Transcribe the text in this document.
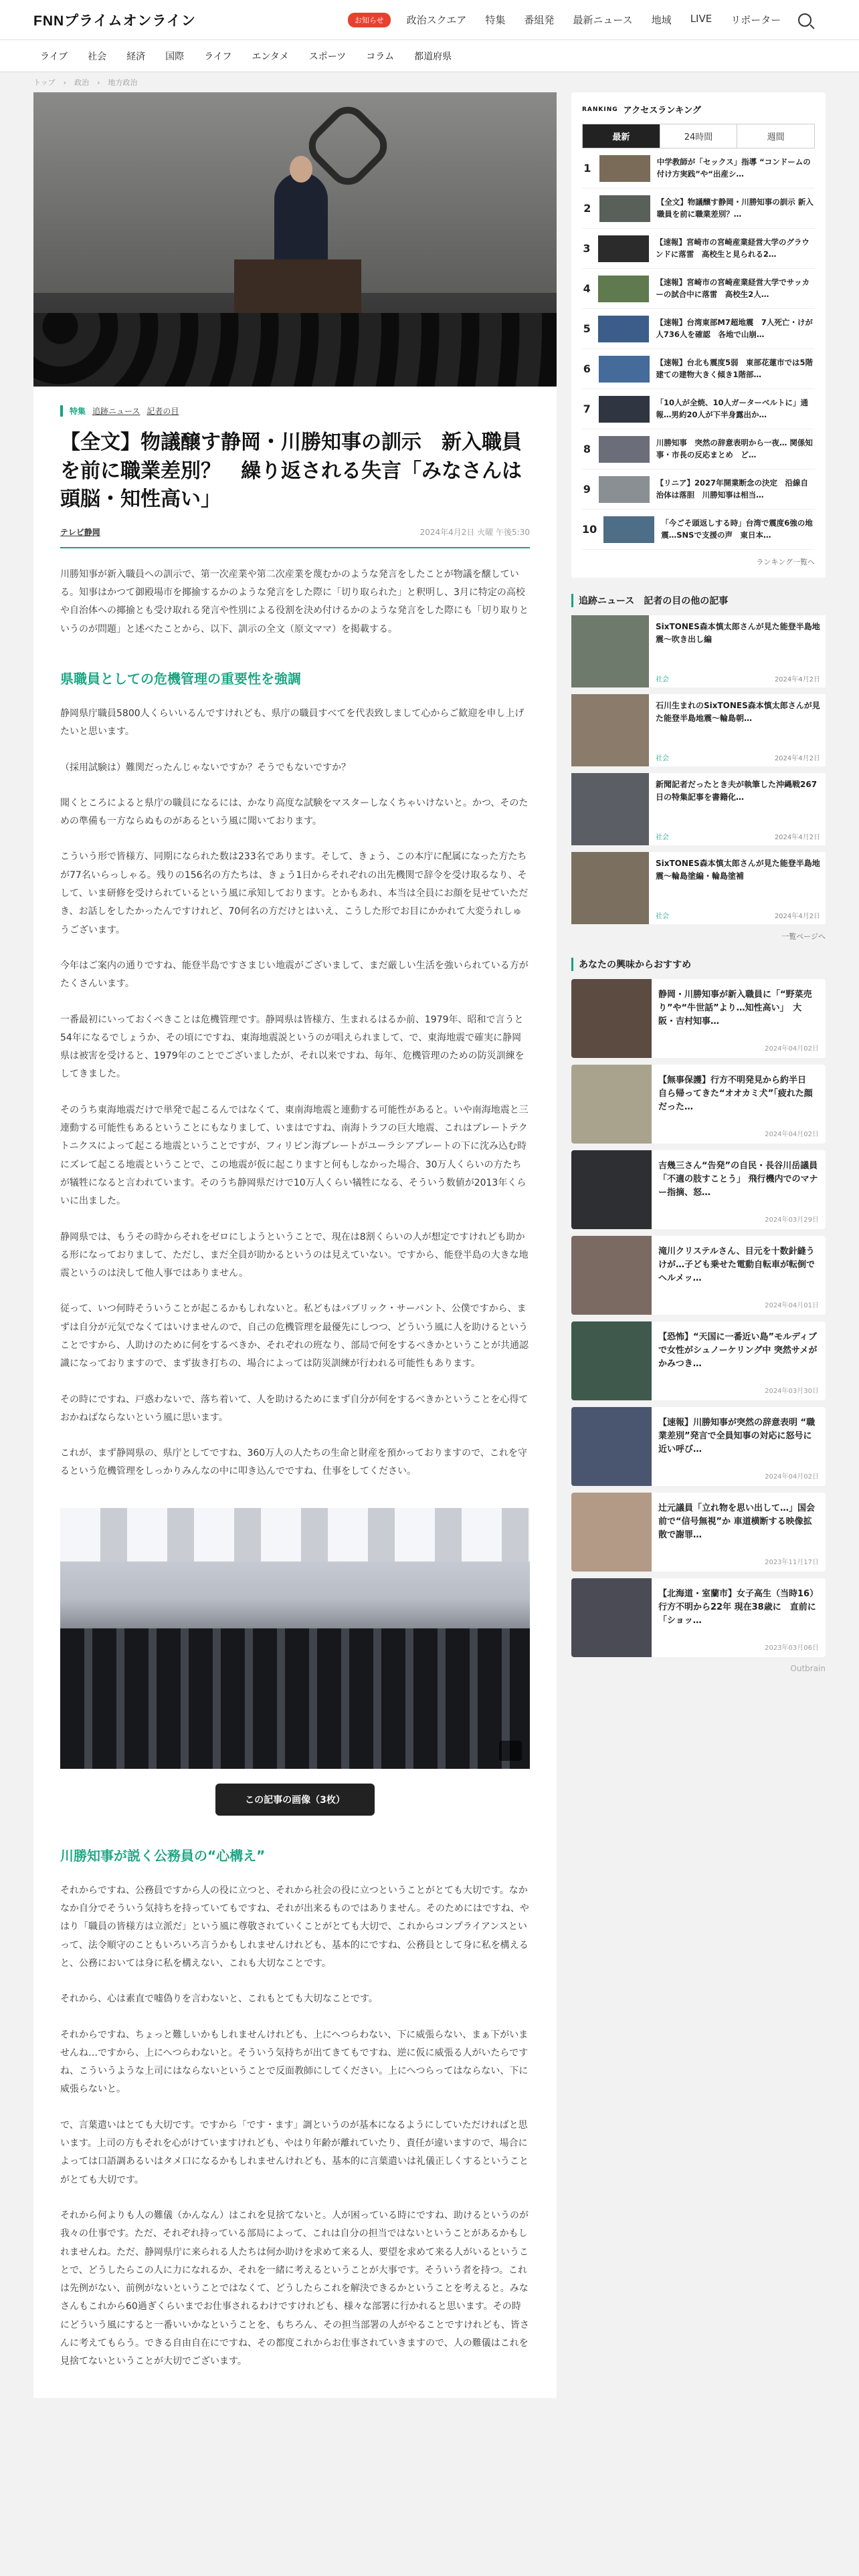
FNNプライムオンライン	お知らせ	政治スクエア 特集 番組発 最新ニュース 地域 LIVE リポーター
ライブ 社会 経済 国際 ライフ エンタメ スポーツ コラム 都道府県
トップ › 政治 › 地方政治
特集 追跡ニュース 記者の目
【全文】物議醸す静岡・川勝知事の訓示　新入職員を前に職業差別？　繰り返される失言「みなさんは頭脳・知性高い」
テレビ静岡	2024年4月2日 火曜 午後5:30

川勝知事が新入職員への訓示で、第一次産業や第二次産業を蔑むかのような発言をしたことが物議を醸している。知事はかつて御殿場市を揶揄するかのような発言をした際に「切り取られた」と釈明し、3月に特定の高校や自治体への揶揄とも受け取れる発言や性別による役割を決め付けるかのような発言をした際にも「切り取りというのが問題」と述べたことから、以下、訓示の全文（原文ママ）を掲載する。

県職員としての危機管理の重要性を強調

静岡県庁職員5800人くらいいるんですけれども、県庁の職員すべてを代表致しまして心からご歓迎を申し上げたいと思います。

（採用試験は）難関だったんじゃないですか？そうでもないですか？

聞くところによると県庁の職員になるには、かなり高度な試験をマスターしなくちゃいけないと。かつ、そのための準備も一方ならぬものがあるという風に聞いております。

こういう形で皆様方、同期になられた数は233名であります。そして、きょう、この本庁に配属になった方たちが77名いらっしゃる。残りの156名の方たちは、きょう1日からそれぞれの出先機関で辞令を受け取るなり、そして、いま研修を受けられているという風に承知しております。とかもあれ、本当は全員にお顔を見せていただき、お話しをしたかったんですけれど、70何名の方だけとはいえ、こうした形でお目にかかれて大変うれしゅうございます。

今年はご案内の通りですね、能登半島ですさまじい地震がございまして、まだ厳しい生活を強いられている方がたくさんいます。

一番最初にいっておくべきことは危機管理です。静岡県は皆様方、生まれるはるか前、1979年、昭和で言うと54年になるでしょうか、その頃にですね、東海地震説というのが唱えられまして、で、東海地震で確実に静岡県は被害を受けると、1979年のことでございましたが、それ以来ですね、毎年、危機管理のための防災訓練をしてきました。

そのうち東海地震だけで単発で起こるんではなくて、東南海地震と連動する可能性があると。いや南海地震と三連動する可能性もあるということにもなりまして、いまはですね、南海トラフの巨大地震、これはプレートテクトニクスによって起こる地震ということですが、フィリピン海プレートがユーラシアプレートの下に沈み込む時にズレて起こる地震ということで、この地震が仮に起こりますと何もしなかった場合、30万人くらいの方たちが犠牲になると言われています。そのうち静岡県だけで10万人くらい犠牲になる、そういう数値が2013年くらいに出ました。

静岡県では、もうその時からそれをゼロにしようということで、現在は8割くらいの人が想定ですけれども助かる形になっておりまして、ただし、まだ全員が助かるというのは見えていない。ですから、能登半島の大きな地震というのは決して他人事ではありません。

従って、いつ何時そういうことが起こるかもしれないと。私どもはパブリック・サーバント、公僕ですから、まずは自分が元気でなくてはいけませんので、自己の危機管理を最優先にしつつ、どういう風に人を助けるということですから、人助けのために何をするべきか、それぞれの班なり、部局で何をするべきかということが共通認識になっておりますので、まず抜き打ちの、場合によっては防災訓練が行われる可能性もあります。

その時にですね、戸惑わないで、落ち着いて、人を助けるためにまず自分が何をするべきかということを心得ておかねばならないという風に思います。

これが、まず静岡県の、県庁としてですね、360万人の人たちの生命と財産を預かっておりますので、これを守るという危機管理をしっかりみんなの中に叩き込んでですね、仕事をしてください。

この記事の画像（3枚）
川勝知事が説く公務員の“心構え”

それからですね、公務員ですから人の役に立つと、それから社会の役に立つということがとても大切です。なかなか自分でそういう気持ちを持っていてもですね、それが出来るものではありません。そのためにはですね、やはり「職員の皆様方は立派だ」という風に尊敬されていくことがとても大切で、これからコンプライアンスといって、法令順守のこともいろいろ言うかもしれませんけれども、基本的にですね、公務員として身に私を構えると、公務においては身に私を構えない、これも大切なことです。

それから、心は素直で嘘偽りを言わないと、これもとても大切なことです。

それからですね、ちょっと難しいかもしれませんけれども、上にへつらわない、下に威張らない、まぁ下がいませんね…ですから、上にへつらわないと。そういう気持ちが出てきてもですね、逆に仮に威張る人がいたらですね、こういうような上司にはならないということで反面教師にしてください。上にへつらってはならない、下に威張らないと。

で、言葉遣いはとても大切です。ですから「です・ます」調というのが基本になるようにしていただければと思います。上司の方もそれを心がけていますけれども、やはり年齢が離れていたり、責任が違いますので、場合によっては口語調あるいはタメ口になるかもしれませんけれども、基本的に言葉遣いは礼儀正しくするということがとても大切です。

それから何よりも人の難儀（かんなん）はこれを見捨てないと。人が困っている時にですね、助けるというのが我々の仕事です。ただ、それぞれ持っている部局によって、これは自分の担当ではないということがあるかもしれませんね。ただ、静岡県庁に来られる人たちは何か助けを求めて来る人、要望を求めて来る人がいるということで、どうしたらこの人に力になれるか、それを一緒に考えるということが大事です。そういう者を持つ。これは先例がない、前例がないということではなくて、どうしたらこれを解決できるかということを考えると。みなさんもこれから60過ぎくらいまでお仕事されるわけですけれども、様々な部署に行かれると思います。その時にどういう風にすると一番いいかなということを、もちろん、その担当部署の人がやることですけれども、皆さんに考えてもらう。できる自由自在にですね、その都度これからお仕事されていきますので、人の難儀はこれを見捨てないということが大切でございます。

RANKING アクセスランキング
最新	24時間	週間
1	中学教師が「セックス」指導 “コンドームの付け方実践”や“出産シ…
2	【全文】物議醸す静岡・川勝知事の訓示 新入職員を前に職業差別？…
3	【速報】宮崎市の宮崎産業経営大学のグラウンドに落雷　高校生と見られる2…
4	【速報】宮崎市の宮崎産業経営大学でサッカーの試合中に落雷　高校生2人…
5	【速報】台湾東部M7超地震　7人死亡・けが人736人を確認　各地で山崩…
6	【速報】台北も震度5弱　東部花蓮市では5階建ての建物大きく傾き1階部…
7	「10人が全焼、10人ガーターベルトに」通報…男約20人が下半身露出か…
8	川勝知事　突然の辞意表明から一夜… 関係知事・市長の反応まとめ　ど…
9	【リニア】2027年開業断念の決定　沿線自治体は落胆　川勝知事は相当…
10	「今ごそ頭返しする時」台湾で震度6強の地震…SNSで支援の声　東日本…
ランキング一覧へ
追跡ニュース　記者の目の他の記事
SixTONES森本慎太郎さんが見た能登半島地震～吹き出し編
社会	2024年4月2日
石川生まれのSixTONES森本慎太郎さんが見た能登半島地震～輪島朝…
社会	2024年4月2日
新聞記者だったとき夫が執筆した沖縄戦267日の特集記事を書籍化…
社会	2024年4月2日
SixTONES森本慎太郎さんが見た能登半島地震～輪島塗編・輪島塗補
社会	2024年4月2日
一覧ページへ
あなたの興味からおすすめ
静岡・川勝知事が新入職員に「“野菜売り”や“牛世話”より…知性高い」　大阪・吉村知事…
2024年04月02日
【無事保護】行方不明発見から約半日　自ら帰ってきた“オオカミ犬”「疲れた顔だった…
2024年04月02日
吉幾三さん“告発”の自民・長谷川岳議員「不適の肢すことう」 飛行機内でのマナー指摘、怒…
2024年03月29日
滝川クリステルさん、目元を十数針縫うけが…子ども乗せた電動自転車が転倒で　ヘルメッ…
2024年04月01日
【恐怖】“天国に一番近い島”モルディブで女性がシュノーケリング中 突然サメがかみつき…
2024年03月30日
【速報】川勝知事が突然の辞意表明 “職業差別”発言で全員知事の対応に怒号に近い呼び…
2024年04月02日
辻元議員「立れ物を思い出して…」国会前で“信号無視”か 車道横断する映像拡散で謝罪…
2023年11月17日
【北海道・室蘭市】女子高生（当時16）行方不明から22年 現在38歳に　直前に「ショッ…
2023年03月06日
Outbrain
